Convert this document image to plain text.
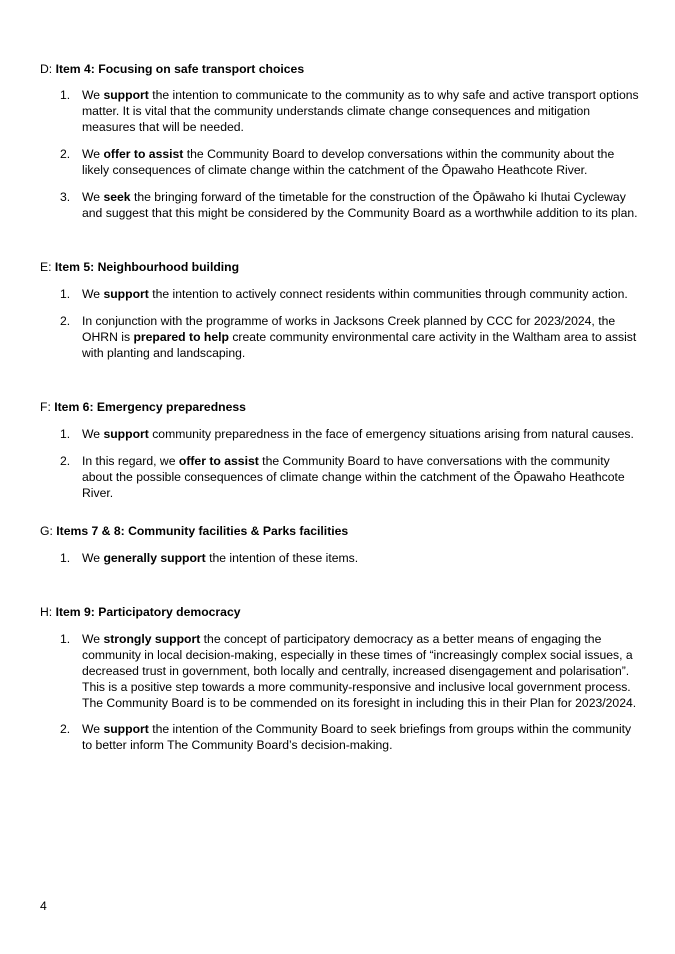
D: Item 4: Focusing on safe transport choices
1. We support the intention to communicate to the community as to why safe and active transport options matter. It is vital that the community understands climate change consequences and mitigation measures that will be needed.
2. We offer to assist the Community Board to develop conversations within the community about the likely consequences of climate change within the catchment of the Ōpawaho Heathcote River.
3. We seek the bringing forward of the timetable for the construction of the Ōpāwaho ki Ihutai Cycleway and suggest that this might be considered by the Community Board as a worthwhile addition to its plan.
E: Item 5: Neighbourhood building
1. We support the intention to actively connect residents within communities through community action.
2. In conjunction with the programme of works in Jacksons Creek planned by CCC for 2023/2024, the OHRN is prepared to help create community environmental care activity in the Waltham area to assist with planting and landscaping.
F: Item 6: Emergency preparedness
1. We support community preparedness in the face of emergency situations arising from natural causes.
2. In this regard, we offer to assist the Community Board to have conversations with the community about the possible consequences of climate change within the catchment of the Ōpawaho Heathcote River.
G: Items 7 & 8: Community facilities & Parks facilities
1. We generally support the intention of these items.
H: Item 9: Participatory democracy
1. We strongly support the concept of participatory democracy as a better means of engaging the community in local decision-making, especially in these times of “increasingly complex social issues, a decreased trust in government, both locally and centrally, increased disengagement and polarisation”. This is a positive step towards a more community-responsive and inclusive local government process. The Community Board is to be commended on its foresight in including this in their Plan for 2023/2024.
2. We support the intention of the Community Board to seek briefings from groups within the community to better inform The Community Board’s decision-making.
4
